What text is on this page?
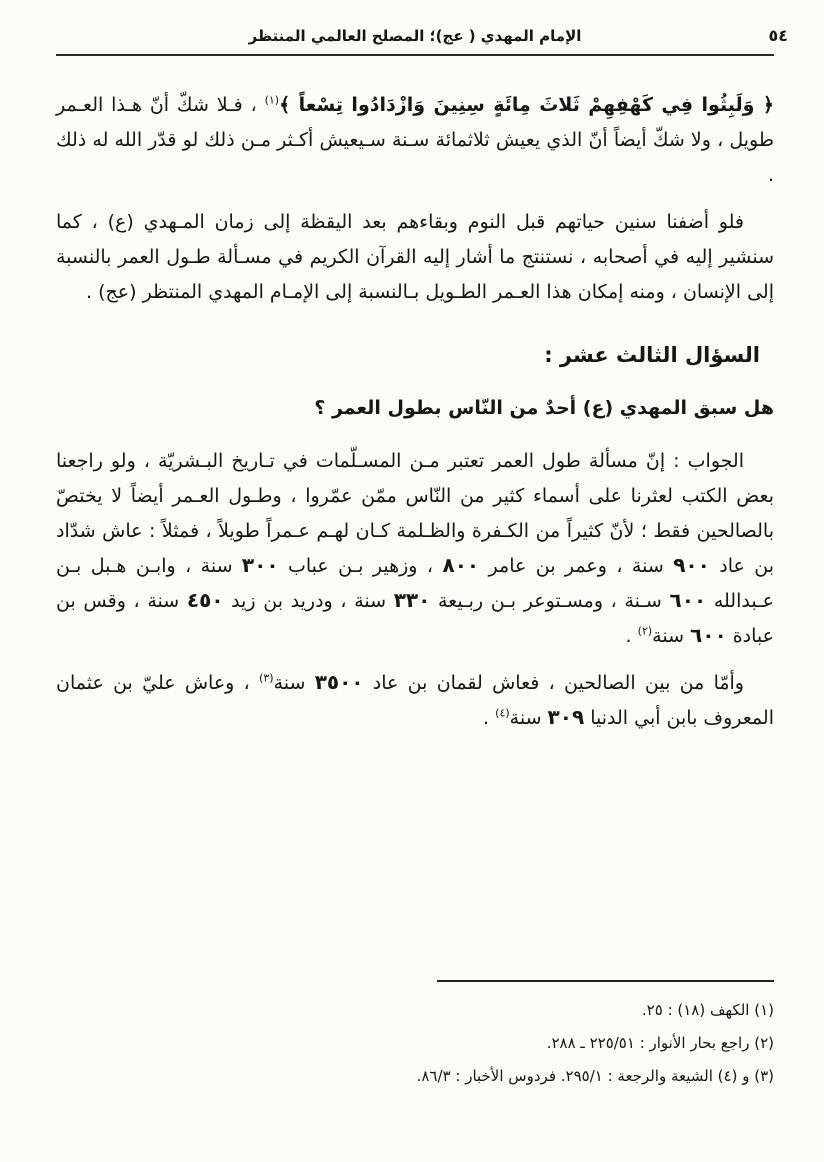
٥٤
الإمام المهدي ( عج)؛ المصلح العالمي المنتظر

﴿ وَلَبِثُوا فِي كَهْفِهِمْ ثَلاثَ مِائَةٍ سِنِينَ وَازْدَادُوا تِسْعاً ﴾$^{(١)}$ ، فـلا شكّ أنّ هـذا العـمر طويل ، ولا شكّ أيضاً أنّ الذي يعيش ثلاثمائة سـنة سـيعيش أكـثر مـن ذلك لو قدّر الله له ذلك .

فلو أضفنا سنين حياتهم قبل النوم وبقاءهم بعد اليقظة إلى زمان المـهدي (ع) ، كما سنشير إليه في أصحابه ، نستنتج ما أشار إليه القرآن الكريم في مسـألة طـول العمر بالنسبة إلى الإنسان ، ومنه إمكان هذا العـمر الطـويل بـالنسبة إلى الإمـام المهدي المنتظر (عج) .

السؤال الثالث عشر :

هل سبق المهدي (ع) أحدٌ من النّاس بطول العمر ؟

الجواب : إنّ مسألة طول العمر تعتبر مـن المسـلّمات في تـاريخ البـشريّة ، ولو راجعنا بعض الكتب لعثرنا على أسماء كثير من النّاس ممّن عمّروا ، وطـول العـمر أيضاً لا يختصّ بالصالحين فقط ؛ لأنّ كثيراً من الكـفرة والظـلمة كـان لهـم عـمراً طويلاً ، فمثلاً : عاش شدّاد بن عاد ٩٠٠ سنة ، وعمر بن عامر ٨٠٠ ، وزهير بـن عباب ٣٠٠ سنة ، وابـن هـبل بـن عـبدالله ٦٠٠ سـنة ، ومسـتوعر بـن ربـيعة ٣٣٠ سنة ، ودريد بن زيد ٤٥٠ سنة ، وقس بن عبادة ٦٠٠ سنة$^{(٢)}$ .

وأمّا من بين الصالحين ، فعاش لقمان بن عاد ٣٥٠٠ سنة$^{(٣)}$ ، وعاش عليّ بن عثمان المعروف بابن أبي الدنيا ٣٠٩ سنة$^{(٤)}$ .

(١) الكهف (١٨) : ٢٥.
(٢) راجع بحار الأنوار : ٢٢٥/٥١ ـ ٢٨٨.
(٣) و (٤) الشيعة والرجعة : ٢٩٥/١. فردوس الأخبار : ٨٦/٣.
